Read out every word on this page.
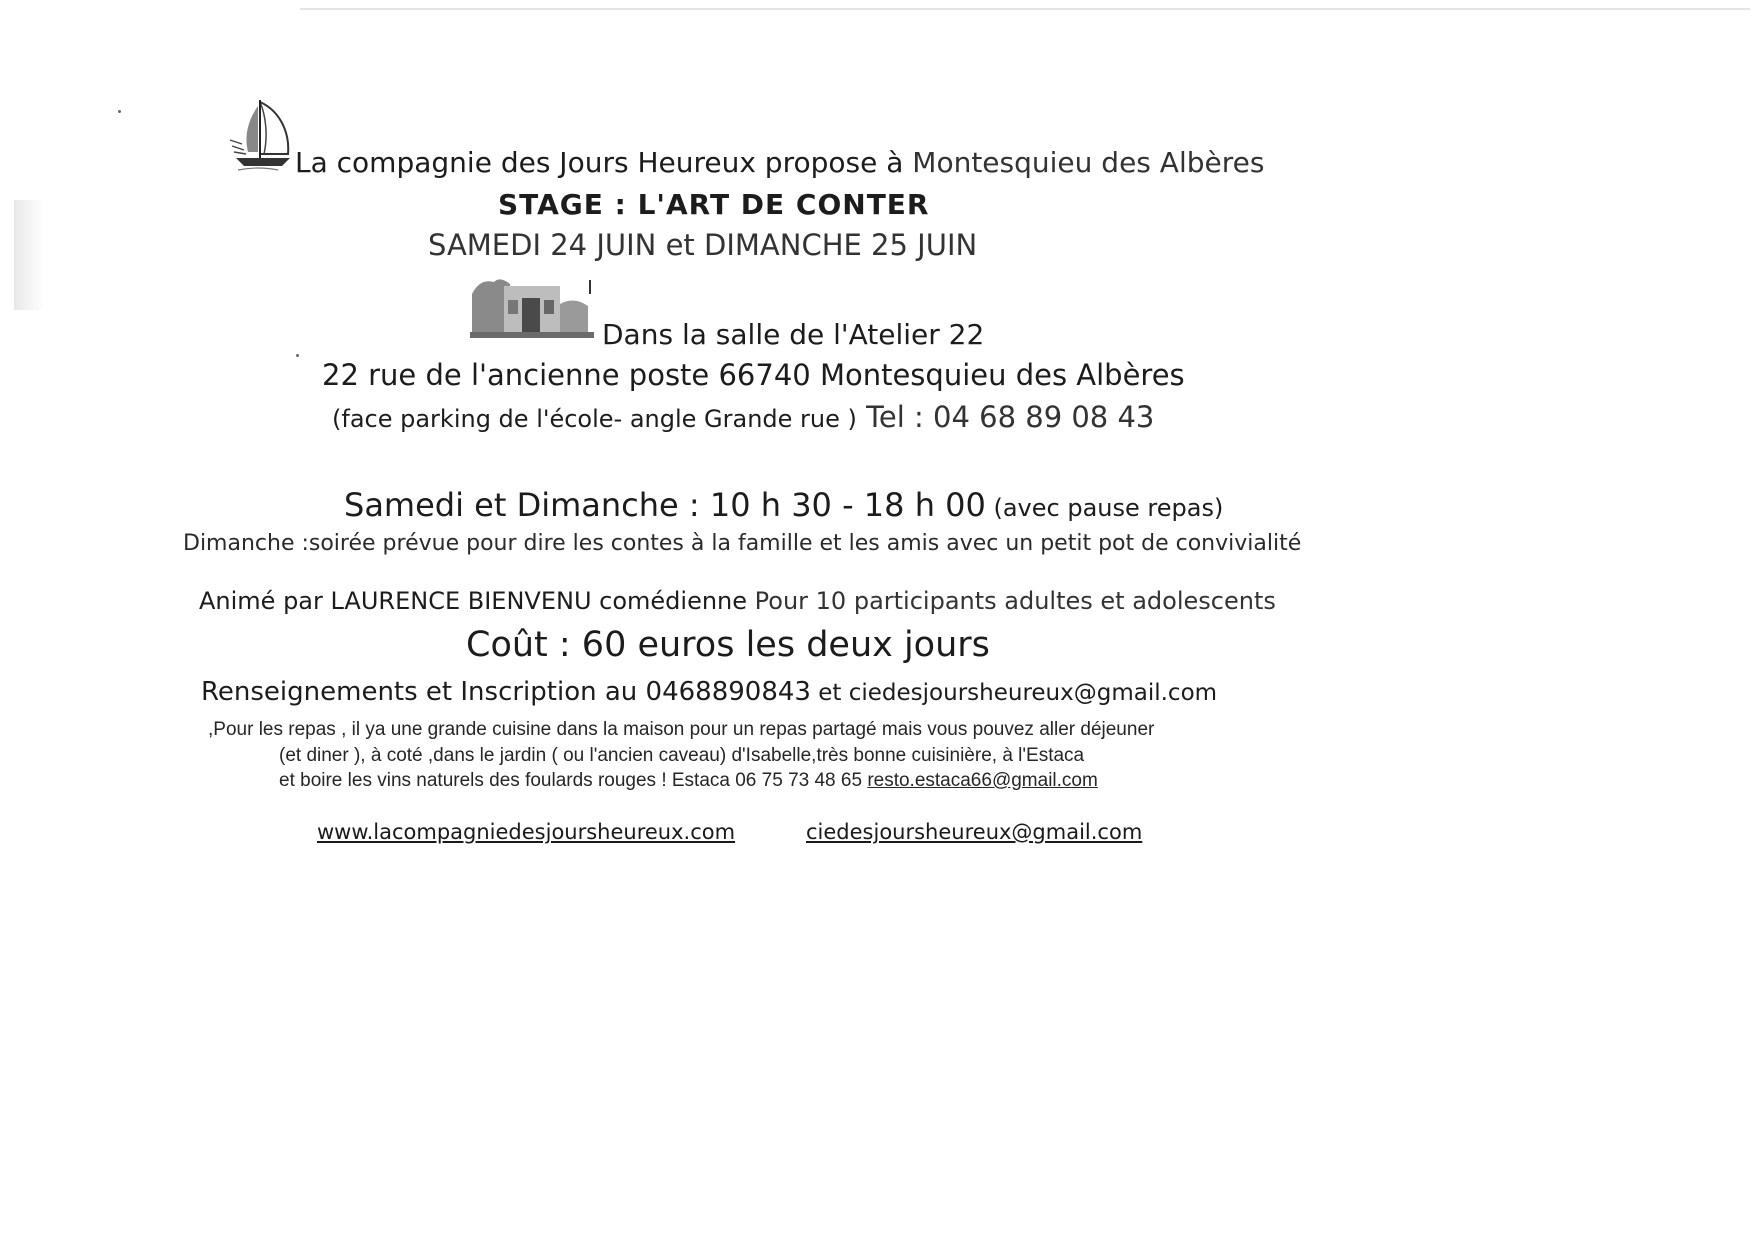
La compagnie des Jours Heureux propose à Montesquieu des Albères
STAGE : L'ART DE CONTER
SAMEDI 24 JUIN et DIMANCHE 25 JUIN
Dans la salle de l'Atelier 22
22 rue de l'ancienne poste 66740 Montesquieu des Albères
(face parking de l'école- angle Grande rue ) Tel : 04 68 89 08 43
Samedi et Dimanche : 10 h 30 - 18 h 00 (avec pause repas)
Dimanche :soirée prévue pour dire les contes à la famille et les amis avec un petit pot de convivialité
Animé par LAURENCE BIENVENU comédienne Pour 10 participants adultes et adolescents
Coût : 60 euros les deux jours
Renseignements et Inscription au 0468890843 et ciedesjoursheureux@gmail.com
,Pour les repas , il ya une grande cuisine dans la maison pour un repas partagé mais vous pouvez aller déjeuner
(et diner ), à coté ,dans le jardin ( ou l'ancien caveau) d'Isabelle,très bonne cuisinière, à l'Estaca
et boire les vins naturels des foulards rouges ! Estaca 06 75 73 48 65 resto.estaca66@gmail.com
www.lacompagniedesjoursheureux.com	ciedesjoursheureux@gmail.com
